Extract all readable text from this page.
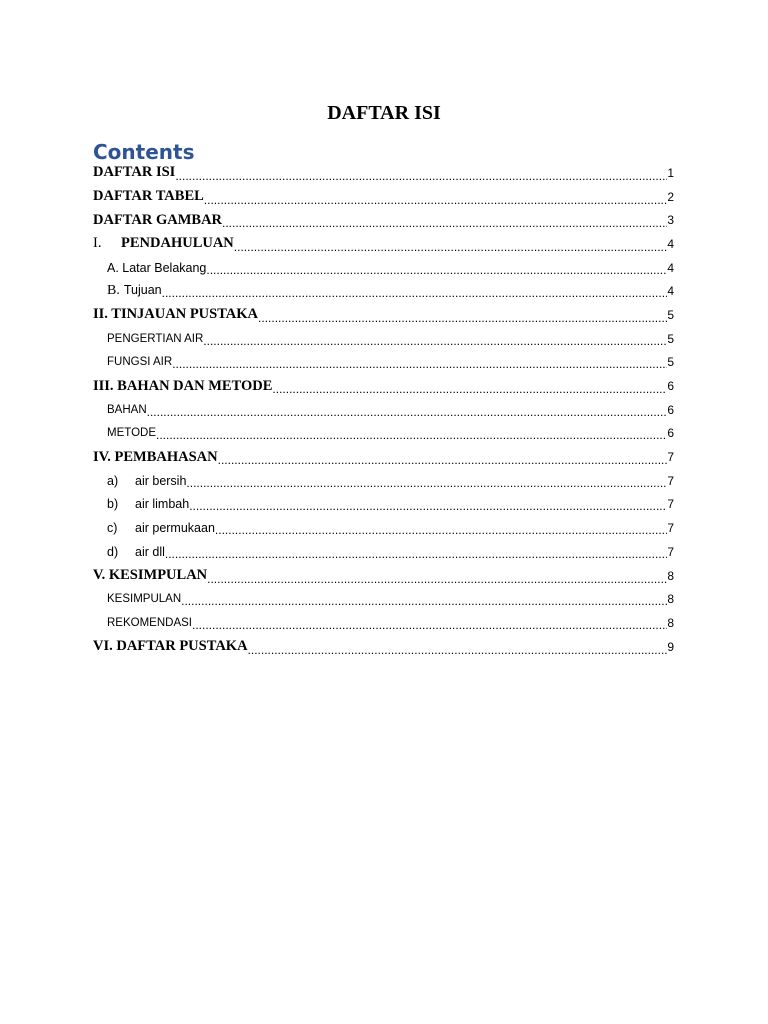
DAFTAR ISI
Contents
DAFTAR ISI .....	1
DAFTAR TABEL .....	2
DAFTAR GAMBAR .....	3
I.	PENDAHULUAN .....	4
A. Latar Belakang .....	4
B. Tujuan .....	4
II. TINJAUAN PUSTAKA .....	5
PENGERTIAN AIR .....	5
FUNGSI AIR .....	5
III. BAHAN DAN METODE .....	6
BAHAN .....	6
METODE .....	6
IV. PEMBAHASAN .....	7
a)	air bersih .....	7
b)	air limbah .....	7
c)	air permukaan .....	7
d)	air dll .....	7
V. KESIMPULAN .....	8
KESIMPULAN .....	8
REKOMENDASI .....	8
VI. DAFTAR PUSTAKA .....	9
